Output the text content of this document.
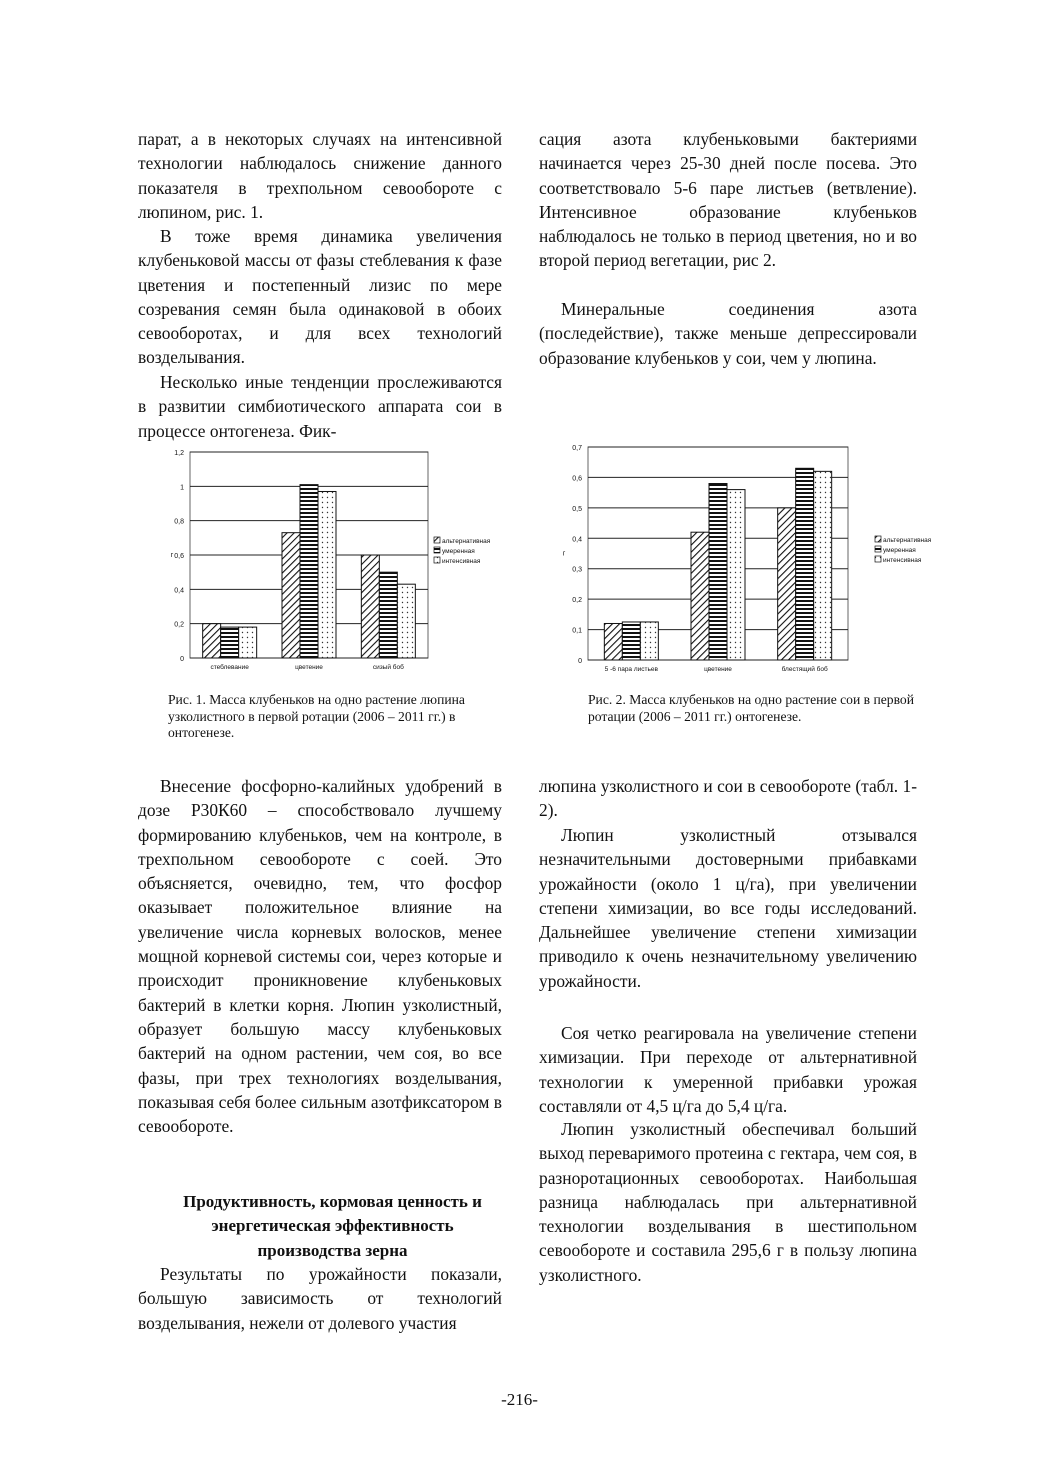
парат, а в некоторых случаях на интенсивной технологии наблюдалось снижение данного показателя в трехпольном севообороте с люпином, рис. 1.

В тоже время динамика увеличения клубеньковой массы от фазы стеблевания к фазе цветения и постепенный лизис по мере созревания семян была одинаковой в обоих севооборотах, и для всех технологий возделывания.

Несколько иные тенденции прослеживаются в развитии симбиотического аппарата сои в процессе онтогенеза. Фик-

сация азота клубеньковыми бактериями начинается через 25-30 дней после посева. Это соответствовало 5-6 паре листьев (ветвление). Интенсивное образование клубеньков наблюдалось не только в период цветения, но и во второй период вегетации, рис 2.

Минеральные соединения азота (последействие), также меньше депрессировали образование клубеньков у сои, чем у люпина.

0
0,2
0,4
0,6
0,8
1
1,2
г
стеблевание	цветение	сизый боб
альтернативная
умеренная
интенсивная
Рис. 1. Масса клубеньков на одно растение люпина узколистного в первой ротации (2006 – 2011 гг.) в онтогенезе.
0
0,1
0,2
0,3
0,4
0,5
0,6
0,7
г
5 -6 пара листьев	цветение	блестящий боб
альтернативная
умеренная
интенсивная
Рис. 2. Масса клубеньков на одно растение сои в первой ротации (2006 – 2011 гг.) онтогенезе.

Внесение фосфорно-калийных удобрений в дозе Р30К60 – способствовало лучшему формированию клубеньков, чем на контроле, в трехпольном севообороте с соей. Это объясняется, очевидно, тем, что фосфор оказывает положительное влияние на увеличение числа корневых волосков, менее мощной корневой системы сои, через которые и происходит проникновение клубеньковых бактерий в клетки корня. Люпин узколистный, образует большую массу клубеньковых бактерий на одном растении, чем соя, во все фазы, при трех технологиях возделывания, показывая себя более сильным азотфиксатором в севообороте.

Продуктивность, кормовая ценность и энергетическая эффективность производства зерна

Результаты по урожайности показали, большую зависимость от технологий возделывания, нежели от долевого участия

люпина узколистного и сои в севообороте (табл. 1-2).

Люпин узколистный отзывался незначительными достоверными прибавками урожайности (около 1 ц/га), при увеличении степени химизации, во все годы исследований. Дальнейшее увеличение степени химизации приводило к очень незначительному увеличению урожайности.

Соя четко реагировала на увеличение степени химизации. При переходе от альтернативной технологии к умеренной прибавки урожая составляли от 4,5 ц/га до 5,4 ц/га.

Люпин узколистный обеспечивал больший выход переваримого протеина с гектара, чем соя, в разноротационных севооборотах. Наибольшая разница наблюдалась при альтернативной технологии возделывания в шестипольном севообороте и составила 295,6 г в пользу люпина узколистного.

-216-
